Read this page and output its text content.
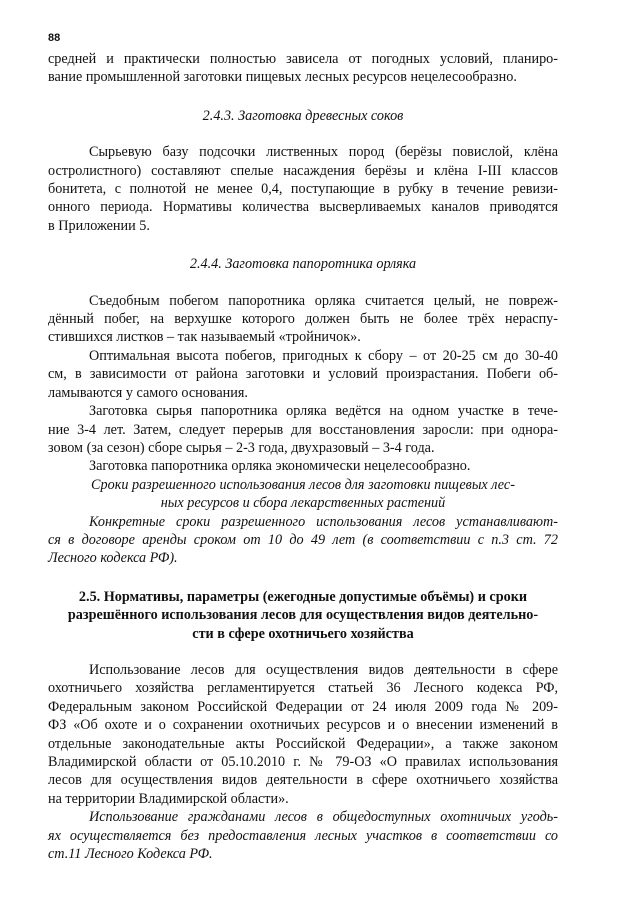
88

средней и практически полностью зависела от погодных условий, планиро-
вание промышленной заготовки пищевых лесных ресурсов нецелесообразно.

2.4.3. Заготовка древесных соков

Сырьевую базу подсочки лиственных пород (берёзы повислой, клёна
остролистного) составляют спелые насаждения берёзы и клёна I-III классов
бонитета, с полнотой не менее 0,4, поступающие в рубку в течение ревизи-
онного периода. Нормативы количества высверливаемых каналов приводятся
в Приложении 5.

2.4.4. Заготовка папоротника орляка

Съедобным побегом папоротника орляка считается целый, не повреж-
дённый побег, на верхушке которого должен быть не более трёх нераспу-
стившихся листков – так называемый «тройничок».

Оптимальная высота побегов, пригодных к сбору – от 20-25 см до 30-40
см, в зависимости от района заготовки и условий произрастания. Побеги об-
ламываются у самого основания.

Заготовка сырья папоротника орляка ведётся на одном участке в тече-
ние 3-4 лет. Затем, следует перерыв для восстановления заросли: при однора-
зовом (за сезон) сборе сырья – 2-3 года, двухразовый – 3-4 года.

Заготовка папоротника орляка экономически нецелесообразно.

Сроки разрешенного использования лесов для заготовки пищевых лес-
ных ресурсов и сбора лекарственных растений

Конкретные сроки разрешенного использования лесов устанавливают-
ся в договоре аренды сроком от 10 до 49 лет (в соответствии с п.3 ст. 72
Лесного кодекса РФ).

2.5. Нормативы, параметры (ежегодные допустимые объёмы) и сроки
разрешённого использования лесов для осуществления видов деятельно-
сти в сфере охотничьего хозяйства

Использование лесов для осуществления видов деятельности в сфере
охотничьего хозяйства регламентируется статьей 36 Лесного кодекса РФ,
Федеральным законом Российской Федерации от 24 июля 2009 года № 209-
ФЗ «Об охоте и о сохранении охотничьих ресурсов и о внесении изменений в
отдельные законодательные акты Российской Федерации», а также законом
Владимирской области от 05.10.2010 г. № 79-ОЗ «О правилах использования
лесов для осуществления видов деятельности в сфере охотничьего хозяйства
на территории Владимирской области».

Использование гражданами лесов в общедоступных охотничьих угодь-
ях осуществляется без предоставления лесных участков в соответствии со
ст.11 Лесного Кодекса РФ.
